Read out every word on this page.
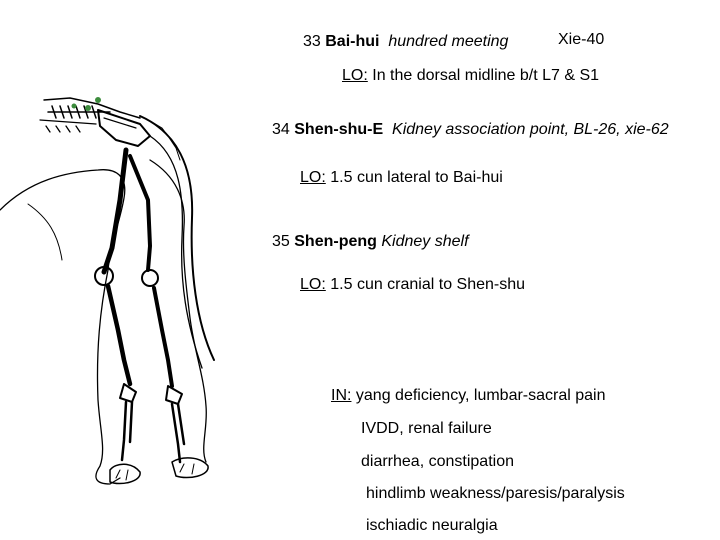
33 Bai-hui hundred meeting	Xie-40
LO: In the dorsal midline b/t L7 & S1
34 Shen-shu-E Kidney association point, BL-26, xie-62
LO: 1.5 cun lateral to Bai-hui
35 Shen-peng Kidney shelf
LO: 1.5 cun cranial to Shen-shu
IN: yang deficiency, lumbar-sacral pain
IVDD, renal failure
diarrhea, constipation
hindlimb weakness/paresis/paralysis
ischiadic neuralgia
